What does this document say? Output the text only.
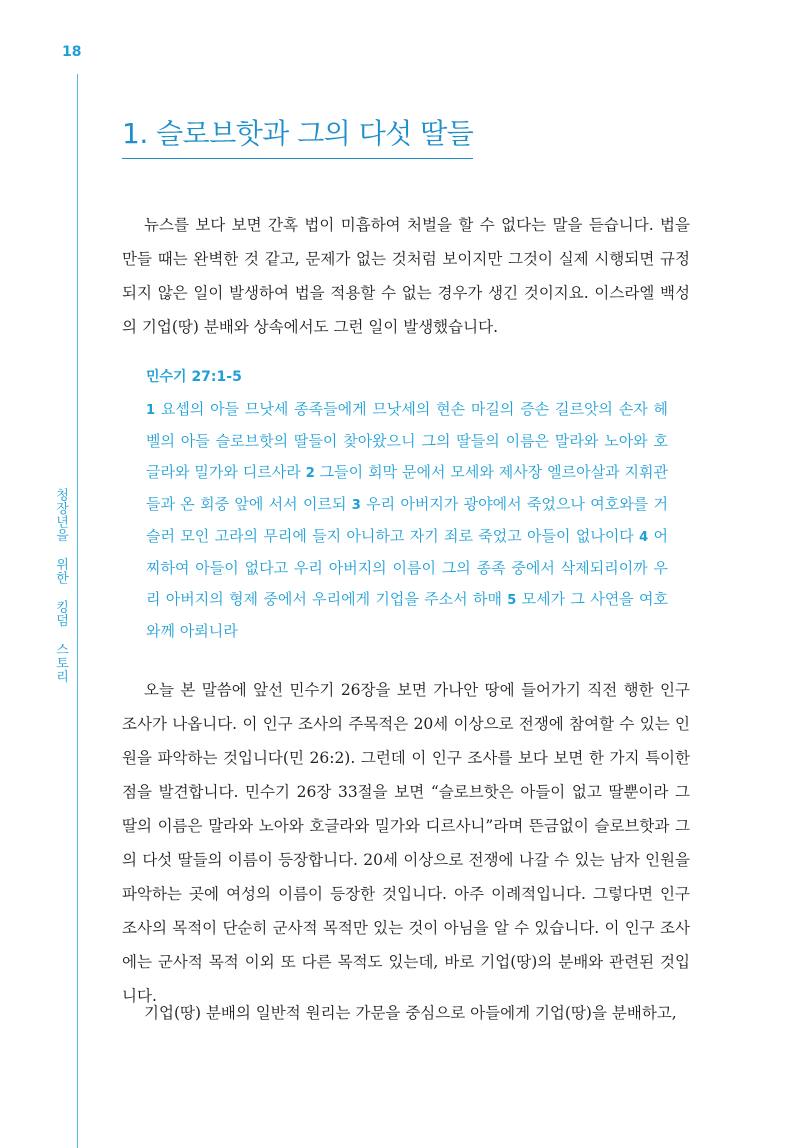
18
청장년을 위한 킹덤 스토리
1. 슬로브핫과 그의 다섯 딸들

뉴스를 보다 보면 간혹 법이 미흡하여 처벌을 할 수 없다는 말을 듣습니다. 법을 만들 때는 완벽한 것 같고, 문제가 없는 것처럼 보이지만 그것이 실제 시행되면 규정되지 않은 일이 발생하여 법을 적용할 수 없는 경우가 생긴 것이지요. 이스라엘 백성의 기업(땅) 분배와 상속에서도 그런 일이 발생했습니다.

민수기 27:1-5

1 요셉의 아들 므낫세 종족들에게 므낫세의 현손 마길의 증손 길르앗의 손자 헤벨의 아들 슬로브핫의 딸들이 찾아왔으니 그의 딸들의 이름은 말라와 노아와 호글라와 밀가와 디르사라 2 그들이 회막 문에서 모세와 제사장 엘르아살과 지휘관들과 온 회중 앞에 서서 이르되 3 우리 아버지가 광야에서 죽었으나 여호와를 거슬러 모인 고라의 무리에 들지 아니하고 자기 죄로 죽었고 아들이 없나이다 4 어찌하여 아들이 없다고 우리 아버지의 이름이 그의 종족 중에서 삭제되리이까 우리 아버지의 형제 중에서 우리에게 기업을 주소서 하매 5 모세가 그 사연을 여호와께 아뢰니라

오늘 본 말씀에 앞선 민수기 26장을 보면 가나안 땅에 들어가기 직전 행한 인구 조사가 나옵니다. 이 인구 조사의 주목적은 20세 이상으로 전쟁에 참여할 수 있는 인원을 파악하는 것입니다(민 26:2). 그런데 이 인구 조사를 보다 보면 한 가지 특이한 점을 발견합니다. 민수기 26장 33절을 보면 “슬로브핫은 아들이 없고 딸뿐이라 그 딸의 이름은 말라와 노아와 호글라와 밀가와 디르사니”라며 뜬금없이 슬로브핫과 그의 다섯 딸들의 이름이 등장합니다. 20세 이상으로 전쟁에 나갈 수 있는 남자 인원을 파악하는 곳에 여성의 이름이 등장한 것입니다. 아주 이례적입니다. 그렇다면 인구 조사의 목적이 단순히 군사적 목적만 있는 것이 아님을 알 수 있습니다. 이 인구 조사에는 군사적 목적 이외 또 다른 목적도 있는데, 바로 기업(땅)의 분배와 관련된 것입니다.

기업(땅) 분배의 일반적 원리는 가문을 중심으로 아들에게 기업(땅)을 분배하고,
